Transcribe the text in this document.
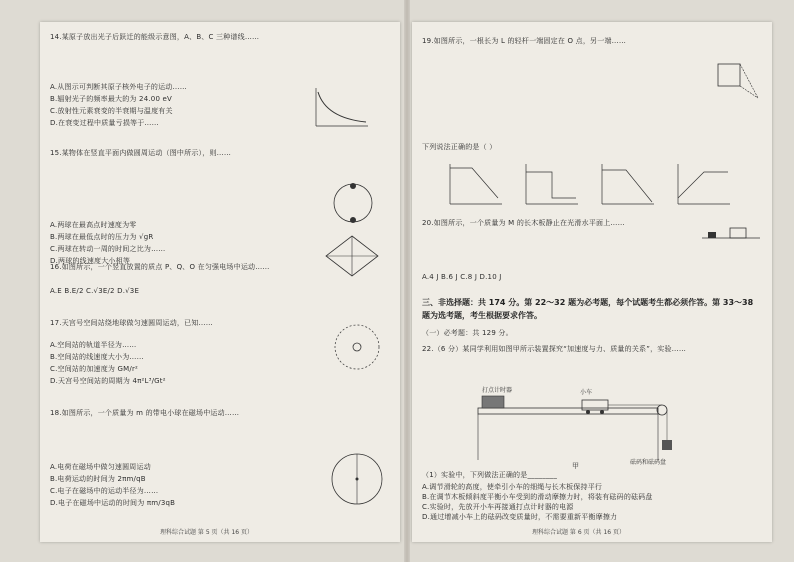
14.某原子放出光子后跃迁的能级示意图，A、B、C 三种谱线……
A.从图示可判断其原子核外电子的运动……
B.辐射光子的频率最大的为 24.00 eV
C.放射性元素衰变的半衰期与温度有关
D.在衰变过程中质量亏损等于……
15.某物体在竖直平面内做圆周运动（图中所示），则……
A.两球在最高点时速度为零
B.两球在最低点时的压力为 √gR
C.两球在转动一周的时间之比为……
D.两球的线速度大小相等
16.如图所示，一个竖直放置的质点 P、Q、O 在匀强电场中运动……
A.E B.E/2 C.√3E/2 D.√3E
17.天宫号空间站绕地球做匀速圆周运动，已知……
A.空间站的轨道半径为……
B.空间站的线速度大小为……
C.空间站的加速度为 GM/r²
D.天宫号空间站的周期为 4π²L³/Gt²
18.如图所示，一个质量为 m 的带电小球在磁场中运动……
A.电荷在磁场中做匀速圆周运动
B.电荷运动的时间为 2πm/qB
C.电子在磁场中的运动半径为……
D.电子在磁场中运动的时间为 πm/3qB
理科综合试题 第 5 页（共 16 页）
19.如图所示，一根长为 L 的轻杆一端固定在 O 点，另一端……
下列说法正确的是（ ）
20.如图所示，一个质量为 M 的长木板静止在光滑水平面上……
A.4 J B.6 J C.8 J D.10 J
三、非选择题：共 174 分。第 22～32 题为必考题，每个试题考生都必须作答。第 33～38 题为选考题，考生根据要求作答。
（一）必考题：共 129 分。
22.（6 分）某同学利用如图甲所示装置探究“加速度与力、质量的关系”，实验……
（1）实验中，下列做法正确的是________
A.调节滑轮的高度，使牵引小车的细绳与长木板保持平行
B.在调节木板倾斜度平衡小车受到的滑动摩擦力时，将装有砝码的砝码盘
C.实验时，先放开小车再接通打点计时器的电源
D.通过增减小车上的砝码改变质量时，不需要重新平衡摩擦力
打点计时器	小车
砝码和砝码盘
甲
理科综合试题 第 6 页（共 16 页）
